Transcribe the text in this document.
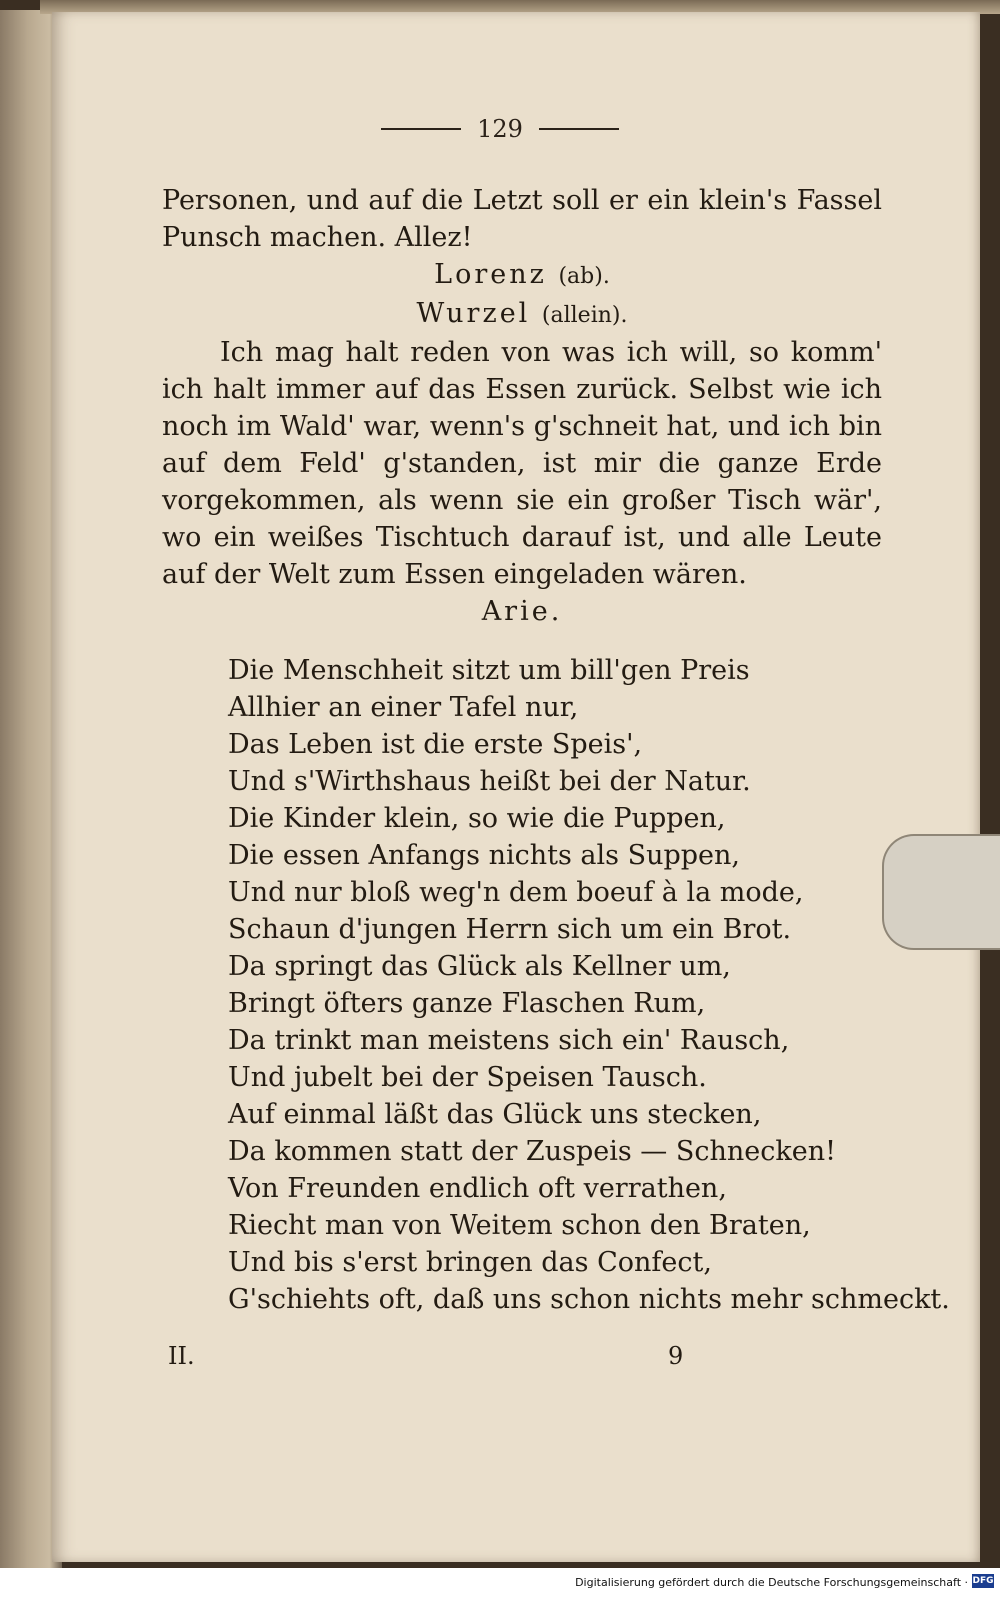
129
Personen, und auf die Letzt soll er ein klein's Fassel Punsch machen. Allez!
Lorenz (ab).
Wurzel (allein).
Ich mag halt reden von was ich will, so komm' ich halt immer auf das Essen zurück. Selbst wie ich noch im Wald' war, wenn's g'schneit hat, und ich bin auf dem Feld' g'standen, ist mir die ganze Erde vorgekommen, als wenn sie ein großer Tisch wär', wo ein weißes Tischtuch darauf ist, und alle Leute auf der Welt zum Essen eingeladen wären.
Arie.
Die Menschheit sitzt um bill'gen Preis
Allhier an einer Tafel nur,
Das Leben ist die erste Speis',
Und s'Wirthshaus heißt bei der Natur.
Die Kinder klein, so wie die Puppen,
Die essen Anfangs nichts als Suppen,
Und nur bloß weg'n dem boeuf à la mode,
Schaun d'jungen Herrn sich um ein Brot.
Da springt das Glück als Kellner um,
Bringt öfters ganze Flaschen Rum,
Da trinkt man meistens sich ein' Rausch,
Und jubelt bei der Speisen Tausch.
Auf einmal läßt das Glück uns stecken,
Da kommen statt der Zuspeis — Schnecken!
Von Freunden endlich oft verrathen,
Riecht man von Weitem schon den Braten,
Und bis s'erst bringen das Confect,
G'schiehts oft, daß uns schon nichts mehr schmeckt.
II.	9
Digitalisierung gefördert durch die Deutsche Forschungsgemeinschaft · DFG
